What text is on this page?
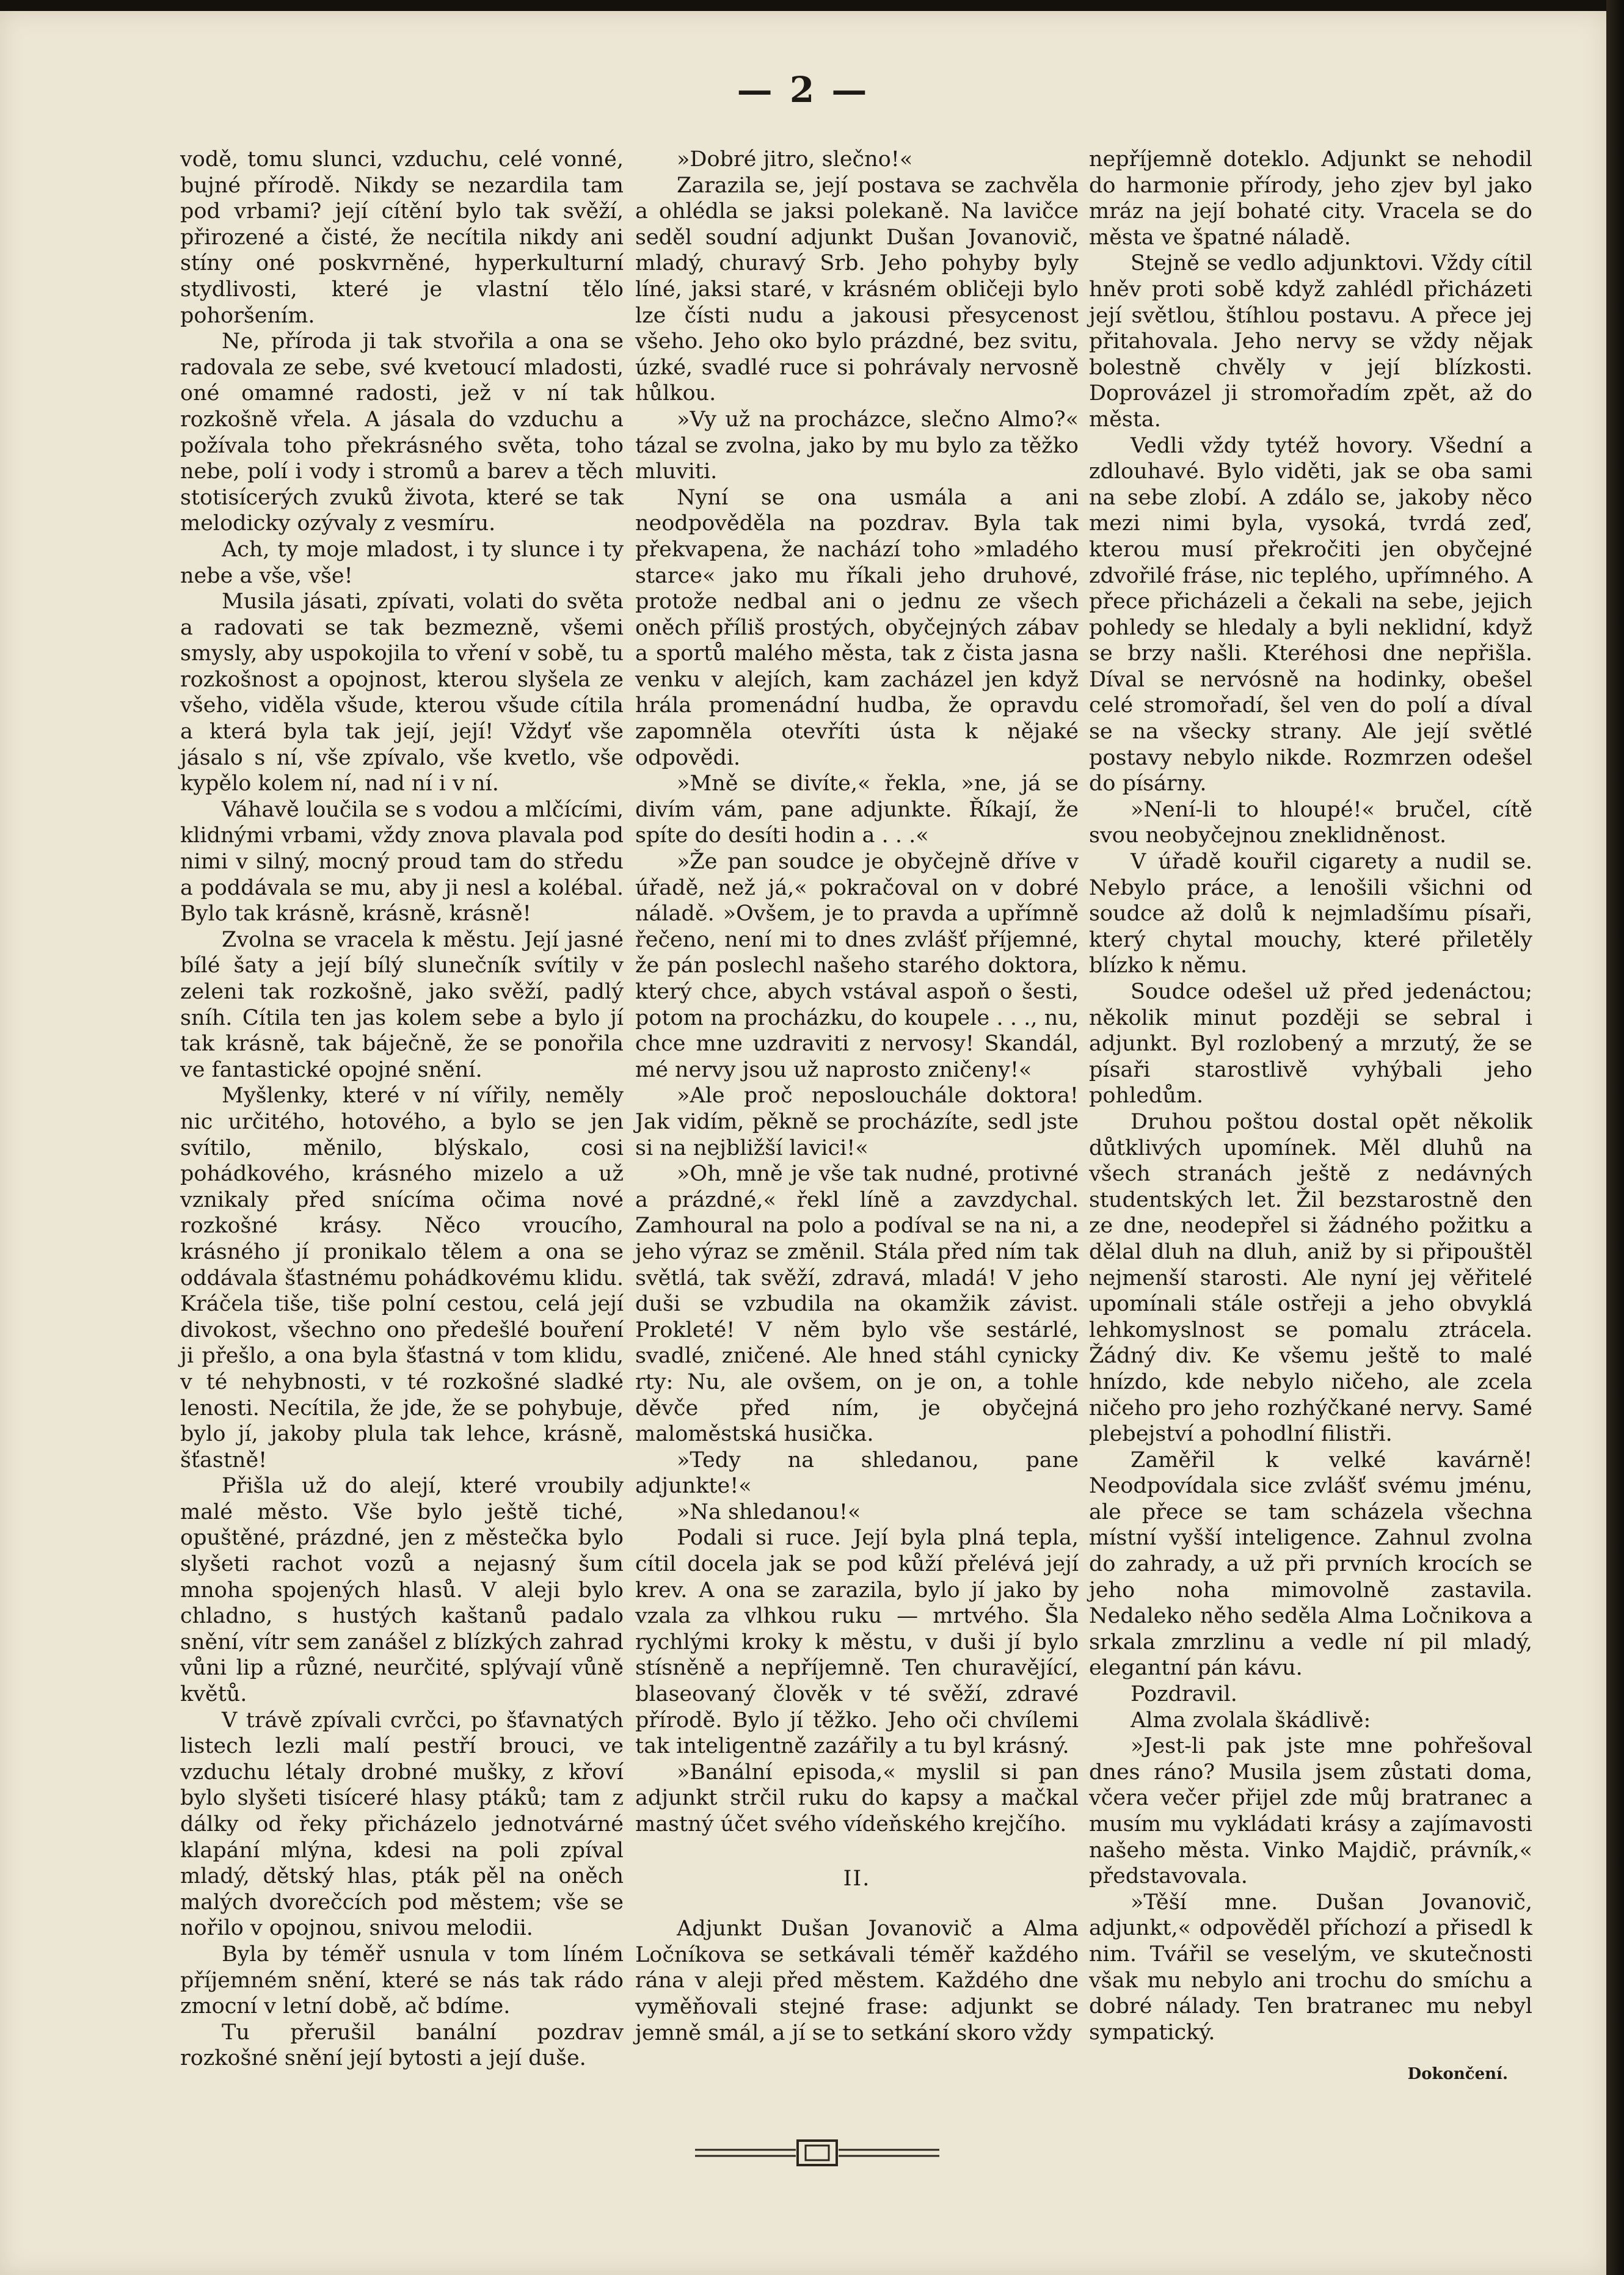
— 2 —

vodě, tomu slunci, vzduchu, celé vonné, bujné přírodě. Nikdy se nezardila tam pod vrbami? její cítění bylo tak svěží, přirozené a čisté, že necítila nikdy ani stíny oné poskvrněné, hyperkulturní stydlivosti, které je vlastní tělo pohoršením.

Ne, příroda ji tak stvořila a ona se radovala ze sebe, své kvetoucí mladosti, oné omamné radosti, jež v ní tak rozkošně vřela. A jásala do vzduchu a požívala toho překrásného světa, toho nebe, polí i vody i stromů a barev a těch stotisícerých zvuků života, které se tak melodicky ozývaly z vesmíru.

Ach, ty moje mladost, i ty slunce i ty nebe a vše, vše!

Musila jásati, zpívati, volati do světa a radovati se tak bezmezně, všemi smysly, aby uspokojila to vření v sobě, tu rozkošnost a opojnost, kterou slyšela ze všeho, viděla všude, kterou všude cítila a která byla tak její, její! Vždyť vše jásalo s ní, vše zpívalo, vše kvetlo, vše kypělo kolem ní, nad ní i v ní.

Váhavě loučila se s vodou a mlčícími, klidnými vrbami, vždy znova plavala pod nimi v silný, mocný proud tam do středu a poddávala se mu, aby ji nesl a kolébal. Bylo tak krásně, krásně, krásně!

Zvolna se vracela k městu. Její jasné bílé šaty a její bílý slunečník svítily v zeleni tak rozkošně, jako svěží, padlý sníh. Cítila ten jas kolem sebe a bylo jí tak krásně, tak báječně, že se ponořila ve fantastické opojné snění.

Myšlenky, které v ní vířily, neměly nic určitého, hotového, a bylo se jen svítilo, měnilo, blýskalo, cosi pohádkového, krásného mizelo a už vznikaly před snícíma očima nové rozkošné krásy. Něco vroucího, krásného jí pronikalo tělem a ona se oddávala šťastnému pohádkovému klidu. Kráčela tiše, tiše polní cestou, celá její divokost, všechno ono předešlé bouření ji přešlo, a ona byla šťastná v tom klidu, v té nehybnosti, v té rozkošné sladké lenosti. Necítila, že jde, že se pohybuje, bylo jí, jakoby plula tak lehce, krásně, šťastně!

Přišla už do alejí, které vroubily malé město. Vše bylo ještě tiché, opuštěné, prázdné, jen z městečka bylo slyšeti rachot vozů a nejasný šum mnoha spojených hlasů. V aleji bylo chladno, s hustých kaštanů padalo snění, vítr sem zanášel z blízkých zahrad vůni lip a různé, neurčité, splývají vůně květů.

V trávě zpívali cvrčci, po šťavnatých listech lezli malí pestří brouci, ve vzduchu létaly drobné mušky, z křoví bylo slyšeti tisíceré hlasy ptáků; tam z dálky od řeky přicházelo jednotvárné klapání mlýna, kdesi na poli zpíval mladý, dětský hlas, pták pěl na oněch malých dvorečcích pod městem; vše se nořilo v opojnou, snivou melodii.

Byla by téměř usnula v tom líném příjemném snění, které se nás tak rádo zmocní v letní době, ač bdíme.

Tu přerušil banální pozdrav rozkošné snění její bytosti a její duše.

»Dobré jitro, slečno!«

Zarazila se, její postava se zachvěla a ohlédla se jaksi polekaně. Na lavičce seděl soudní adjunkt Dušan Jovanovič, mladý, churavý Srb. Jeho pohyby byly líné, jaksi staré, v krásném obličeji bylo lze čísti nudu a jakousi přesycenost všeho. Jeho oko bylo prázdné, bez svitu, úzké, svadlé ruce si pohrávaly nervosně hůlkou.

»Vy už na procházce, slečno Almo?« tázal se zvolna, jako by mu bylo za těžko mluviti.

Nyní se ona usmála a ani neodpověděla na pozdrav. Byla tak překvapena, že nachází toho »mladého starce« jako mu říkali jeho druhové, protože nedbal ani o jednu ze všech oněch příliš prostých, obyčejných zábav a sportů malého města, tak z čista jasna venku v alejích, kam zacházel jen když hrála promenádní hudba, že opravdu zapomněla otevříti ústa k nějaké odpovědi.

»Mně se divíte,« řekla, »ne, já se divím vám, pane adjunkte. Říkají, že spíte do desíti hodin a . . .«

»Že pan soudce je obyčejně dříve v úřadě, než já,« pokračoval on v dobré náladě. »Ovšem, je to pravda a upřímně řečeno, není mi to dnes zvlášť příjemné, že pán poslechl našeho starého doktora, který chce, abych vstával aspoň o šesti, potom na procházku, do koupele . . ., nu, chce mne uzdraviti z nervosy! Skandál, mé nervy jsou už naprosto zničeny!«

»Ale proč neposlouchále doktora! Jak vidím, pěkně se procházíte, sedl jste si na nejbližší lavici!«

»Oh, mně je vše tak nudné, protivné a prázdné,« řekl líně a zavzdychal. Zamhoural na polo a podíval se na ni, a jeho výraz se změnil. Stála před ním tak světlá, tak svěží, zdravá, mladá! V jeho duši se vzbudila na okamžik závist. Prokleté! V něm bylo vše sestárlé, svadlé, zničené. Ale hned stáhl cynicky rty: Nu, ale ovšem, on je on, a tohle děvče před ním, je obyčejná maloměstská husička.

»Tedy na shledanou, pane adjunkte!«

»Na shledanou!«

Podali si ruce. Její byla plná tepla, cítil docela jak se pod kůží přelévá její krev. A ona se zarazila, bylo jí jako by vzala za vlhkou ruku — mrtvého. Šla rychlými kroky k městu, v duši jí bylo stísněně a nepříjemně. Ten churavějící, blaseovaný člověk v té svěží, zdravé přírodě. Bylo jí těžko. Jeho oči chvílemi tak inteligentně zazářily a tu byl krásný.

»Banální episoda,« myslil si pan adjunkt strčil ruku do kapsy a mačkal mastný účet svého vídeňského krejčího.

II.

Adjunkt Dušan Jovanovič a Alma Ločníkova se setkávali téměř každého rána v aleji před městem. Každého dne vyměňovali stejné frase: adjunkt se jemně smál, a jí se to setkání skoro vždy

nepříjemně doteklo. Adjunkt se nehodil do harmonie přírody, jeho zjev byl jako mráz na její bohaté city. Vracela se do města ve špatné náladě.

Stejně se vedlo adjunktovi. Vždy cítil hněv proti sobě když zahlédl přicházeti její světlou, štíhlou postavu. A přece jej přitahovala. Jeho nervy se vždy nějak bolestně chvěly v její blízkosti. Doprovázel ji stromořadím zpět, až do města.

Vedli vždy tytéž hovory. Všední a zdlouhavé. Bylo viděti, jak se oba sami na sebe zlobí. A zdálo se, jakoby něco mezi nimi byla, vysoká, tvrdá zeď, kterou musí překročiti jen obyčejné zdvořilé fráse, nic teplého, upřímného. A přece přicházeli a čekali na sebe, jejich pohledy se hledaly a byli neklidní, když se brzy našli. Kteréhosi dne nepřišla. Díval se nervósně na hodinky, obešel celé stromořadí, šel ven do polí a díval se na všecky strany. Ale její světlé postavy nebylo nikde. Rozmrzen odešel do písárny.

»Není-li to hloupé!« bručel, cítě svou neobyčejnou zneklidněnost.

V úřadě kouřil cigarety a nudil se. Nebylo práce, a lenošili všichni od soudce až dolů k nejmladšímu písaři, který chytal mouchy, které přiletěly blízko k němu.

Soudce odešel už před jedenáctou; několik minut později se sebral i adjunkt. Byl rozlobený a mrzutý, že se písaři starostlivě vyhýbali jeho pohledům.

Druhou poštou dostal opět několik důtklivých upomínek. Měl dluhů na všech stranách ještě z nedávných studentských let. Žil bezstarostně den ze dne, neodepřel si žádného požitku a dělal dluh na dluh, aniž by si připouštěl nejmenší starosti. Ale nyní jej věřitelé upomínali stále ostřeji a jeho obvyklá lehkomyslnost se pomalu ztrácela. Žádný div. Ke všemu ještě to malé hnízdo, kde nebylo ničeho, ale zcela ničeho pro jeho rozhýčkané nervy. Samé plebejství a pohodlní filistři.

Zaměřil k velké kavárně! Neodpovídala sice zvlášť svému jménu, ale přece se tam scházela všechna místní vyšší inteligence. Zahnul zvolna do zahrady, a už při prvních krocích se jeho noha mimovolně zastavila. Nedaleko něho seděla Alma Ločnikova a srkala zmrzlinu a vedle ní pil mladý, elegantní pán kávu.

Pozdravil.

Alma zvolala škádlivě:

»Jest-li pak jste mne pohřešoval dnes ráno? Musila jsem zůstati doma, včera večer přijel zde můj bratranec a musím mu vykládati krásy a zajímavosti našeho města. Vinko Majdič, právník,« představovala.

»Těší mne. Dušan Jovanovič, adjunkt,« odpověděl příchozí a přisedl k nim. Tvářil se veselým, ve skutečnosti však mu nebylo ani trochu do smíchu a dobré nálady. Ten bratranec mu nebyl sympatický.

Dokončení.
